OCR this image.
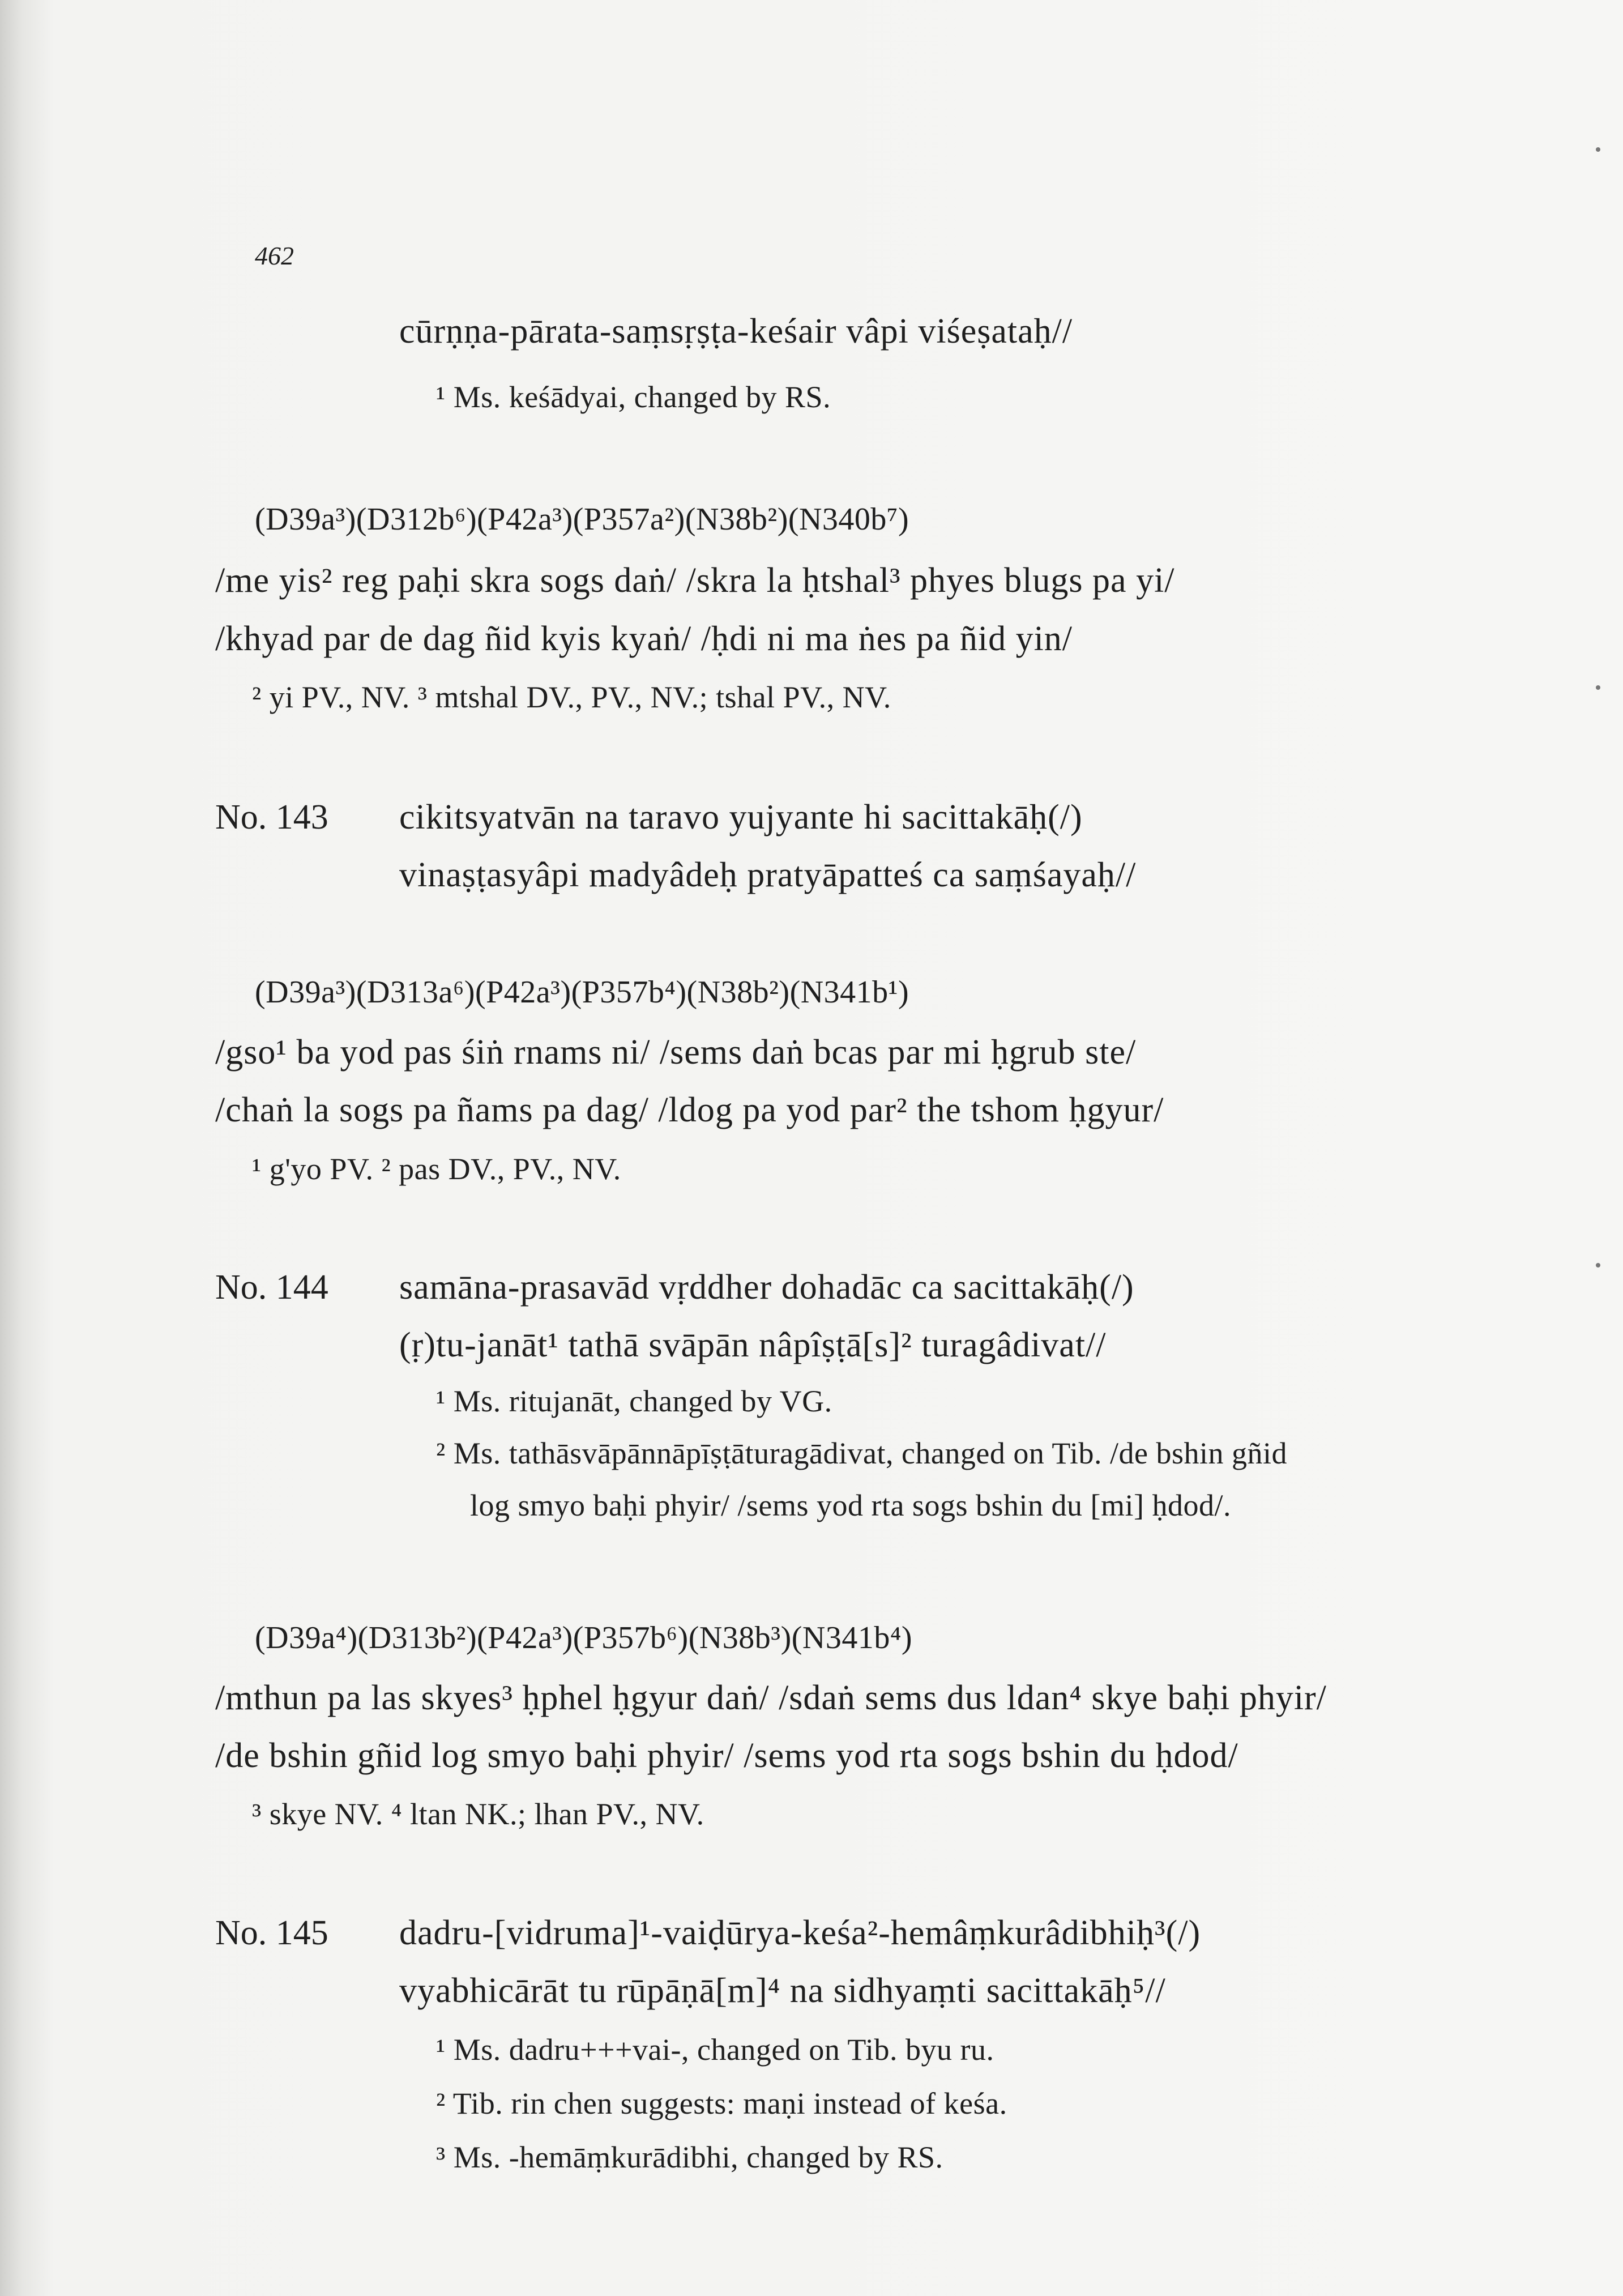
462
cūrṇṇa-pārata-saṃsṛṣṭa-keśair vâpi viśeṣataḥ//
¹ Ms. keśādyai, changed by RS.
(D39a³)(D312b⁶)(P42a³)(P357a²)(N38b²)(N340b⁷)
/me yis² reg paḥi skra sogs daṅ/ /skra la ḥtshal³ phyes blugs pa yi/
/khyad par de dag ñid kyis kyaṅ/ /ḥdi ni ma ṅes pa ñid yin/
² yi PV., NV. ³ mtshal DV., PV., NV.; tshal PV., NV.
No. 143 cikitsyatvān na taravo yujyante hi sacittakāḥ(/)
vinaṣṭasyâpi madyâdeḥ pratyāpatteś ca saṃśayaḥ//
(D39a³)(D313a⁶)(P42a³)(P357b⁴)(N38b²)(N341b¹)
/gso¹ ba yod pas śiṅ rnams ni/ /sems daṅ bcas par mi ḥgrub ste/
/chaṅ la sogs pa ñams pa dag/ /ldog pa yod par² the tshom ḥgyur/
¹ g'yo PV. ² pas DV., PV., NV.
No. 144 samāna-prasavād vṛddher dohadāc ca sacittakāḥ(/)
(ṛ)tu-janāt¹ tathā svāpān nâpîṣṭā[s]² turagâdivat//
¹ Ms. ritujanāt, changed by VG.
² Ms. tathāsvāpānnāpīṣṭāturagādivat, changed on Tib. /de bshin gñid
log smyo baḥi phyir/ /sems yod rta sogs bshin du [mi] ḥdod/.
(D39a⁴)(D313b²)(P42a³)(P357b⁶)(N38b³)(N341b⁴)
/mthun pa las skyes³ ḥphel ḥgyur daṅ/ /sdaṅ sems dus ldan⁴ skye baḥi phyir/
/de bshin gñid log smyo baḥi phyir/ /sems yod rta sogs bshin du ḥdod/
³ skye NV. ⁴ ltan NK.; lhan PV., NV.
No. 145 dadru-[vidruma]¹-vaiḍūrya-keśa²-hemâṃkurâdibhiḥ³(/)
vyabhicārāt tu rūpāṇā[m]⁴ na sidhyaṃti sacittakāḥ⁵//
¹ Ms. dadru+++vai-, changed on Tib. byu ru.
² Tib. rin chen suggests: maṇi instead of keśa.
³ Ms. -hemāṃkurādibhi, changed by RS.
